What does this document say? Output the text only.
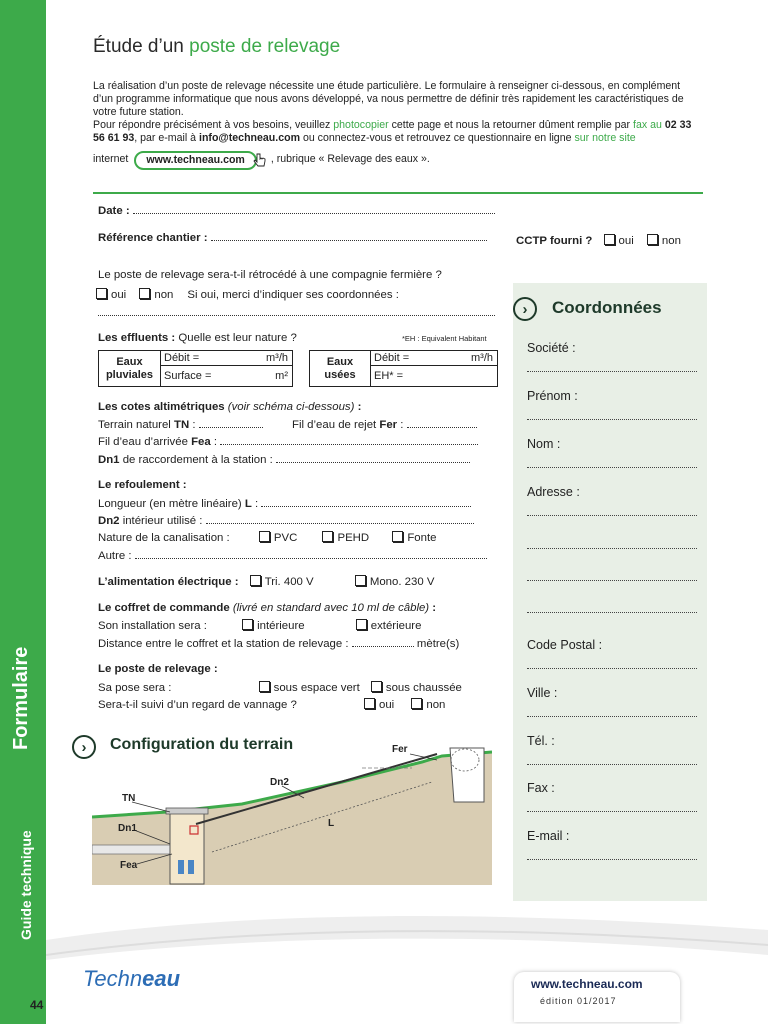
Formulaire
Guide technique
Étude d’un poste de relevage
La réalisation d’un poste de relevage nécessite une étude particulière. Le formulaire à renseigner ci-dessous, en complément d’un programme informatique que nous avons développé, va nous permettre de définir très rapidement les caractéristiques de votre future station.
Pour répondre précisément à vos besoins, veuillez photocopier cette page et nous la retourner dûment remplie par fax au 02 33 56 61 93, par e-mail à info@techneau.com ou connectez-vous et retrouvez ce questionnaire en ligne sur notre site
internet	www.techneau.com	, rubrique « Relevage des eaux ».
Date :
Référence chantier :	CCTP fourni ? oui non
Le poste de relevage sera-t-il rétrocédé à une compagnie fermière ?
oui non Si oui, merci d’indiquer ses coordonnées :
Les effluents : Quelle est leur nature ?	*EH : Equivalent Habitant
Eaux pluviales
Débit =	m³/h
Surface =	m²
Eaux usées
Débit =	m³/h
EH* =
Les cotes altimétriques (voir schéma ci-dessous) :
Terrain naturel TN :	Fil d’eau de rejet Fer :
Fil d’eau d’arrivée Fea :
Dn1 de raccordement à la station :
Le refoulement :
Longueur (en mètre linéaire) L :
Dn2 intérieur utilisé :
Nature de la canalisation :	PVC	PEHD	Fonte
Autre :
L’alimentation électrique : Tri. 400 V	Mono. 230 V
Le coffret de commande (livré en standard avec 10 ml de câble) :
Son installation sera :	intérieure	extérieure
Distance entre le coffret et la station de relevage :	mètre(s)
Le poste de relevage :
Sa pose sera :	sous espace vert sous chaussée
Sera-t-il suivi d’un regard de vannage ?	oui	non
›	Coordonnées
Société :
Prénom :
Nom :
Adresse :
Code Postal :
Ville :
Tél. :
Fax :
E-mail :
›	Configuration du terrain	Fer
Dn2
TN
Dn1
Fea
L
Techneau
44
www.techneau.com
édition 01/2017
